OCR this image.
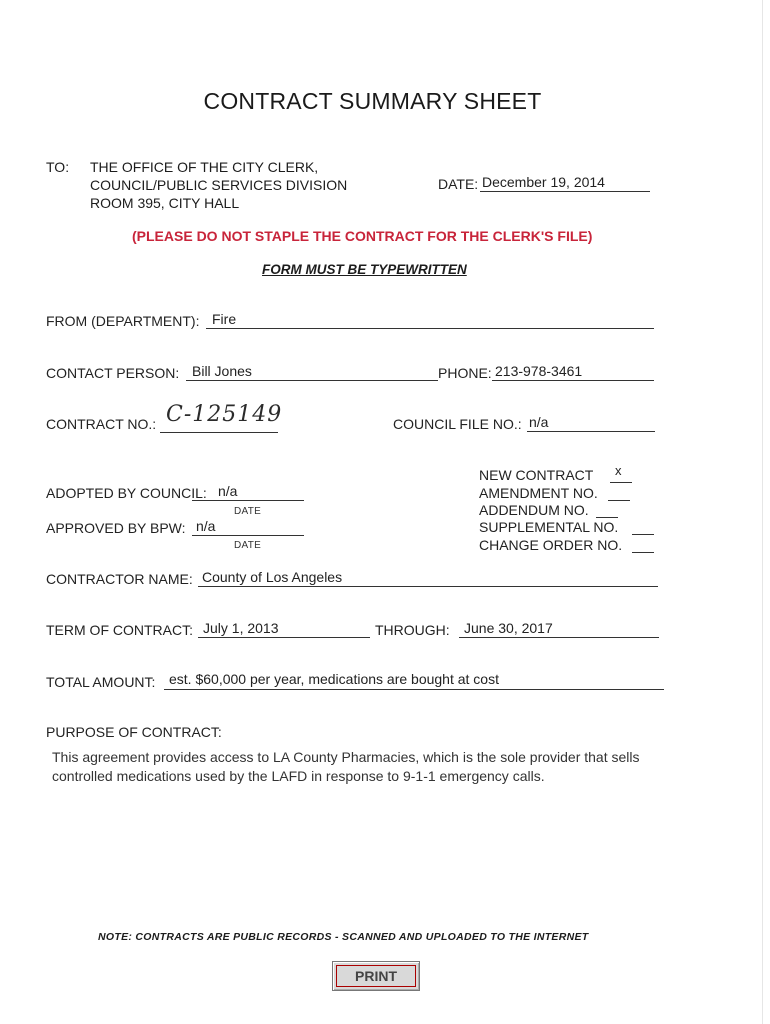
CONTRACT SUMMARY SHEET
TO: THE OFFICE OF THE CITY CLERK,
COUNCIL/PUBLIC SERVICES DIVISION
ROOM 395, CITY HALL
DATE: December 19, 2014
(PLEASE DO NOT STAPLE THE CONTRACT FOR THE CLERK'S FILE)
FORM MUST BE TYPEWRITTEN
FROM (DEPARTMENT): Fire
CONTACT PERSON: Bill Jones	PHONE: 213-978-3461
CONTRACT NO.: C-125149	COUNCIL FILE NO.: n/a
ADOPTED BY COUNCIL: n/a
DATE
APPROVED BY BPW: n/a
DATE
NEW CONTRACT x
AMENDMENT NO.
ADDENDUM NO.
SUPPLEMENTAL NO.
CHANGE ORDER NO.
CONTRACTOR NAME: County of Los Angeles
TERM OF CONTRACT: July 1, 2013	THROUGH: June 30, 2017
TOTAL AMOUNT: est. $60,000 per year, medications are bought at cost
PURPOSE OF CONTRACT:
This agreement provides access to LA County Pharmacies, which is the sole provider that sells controlled medications used by the LAFD in response to 9-1-1 emergency calls.
NOTE: CONTRACTS ARE PUBLIC RECORDS - SCANNED AND UPLOADED TO THE INTERNET
PRINT
